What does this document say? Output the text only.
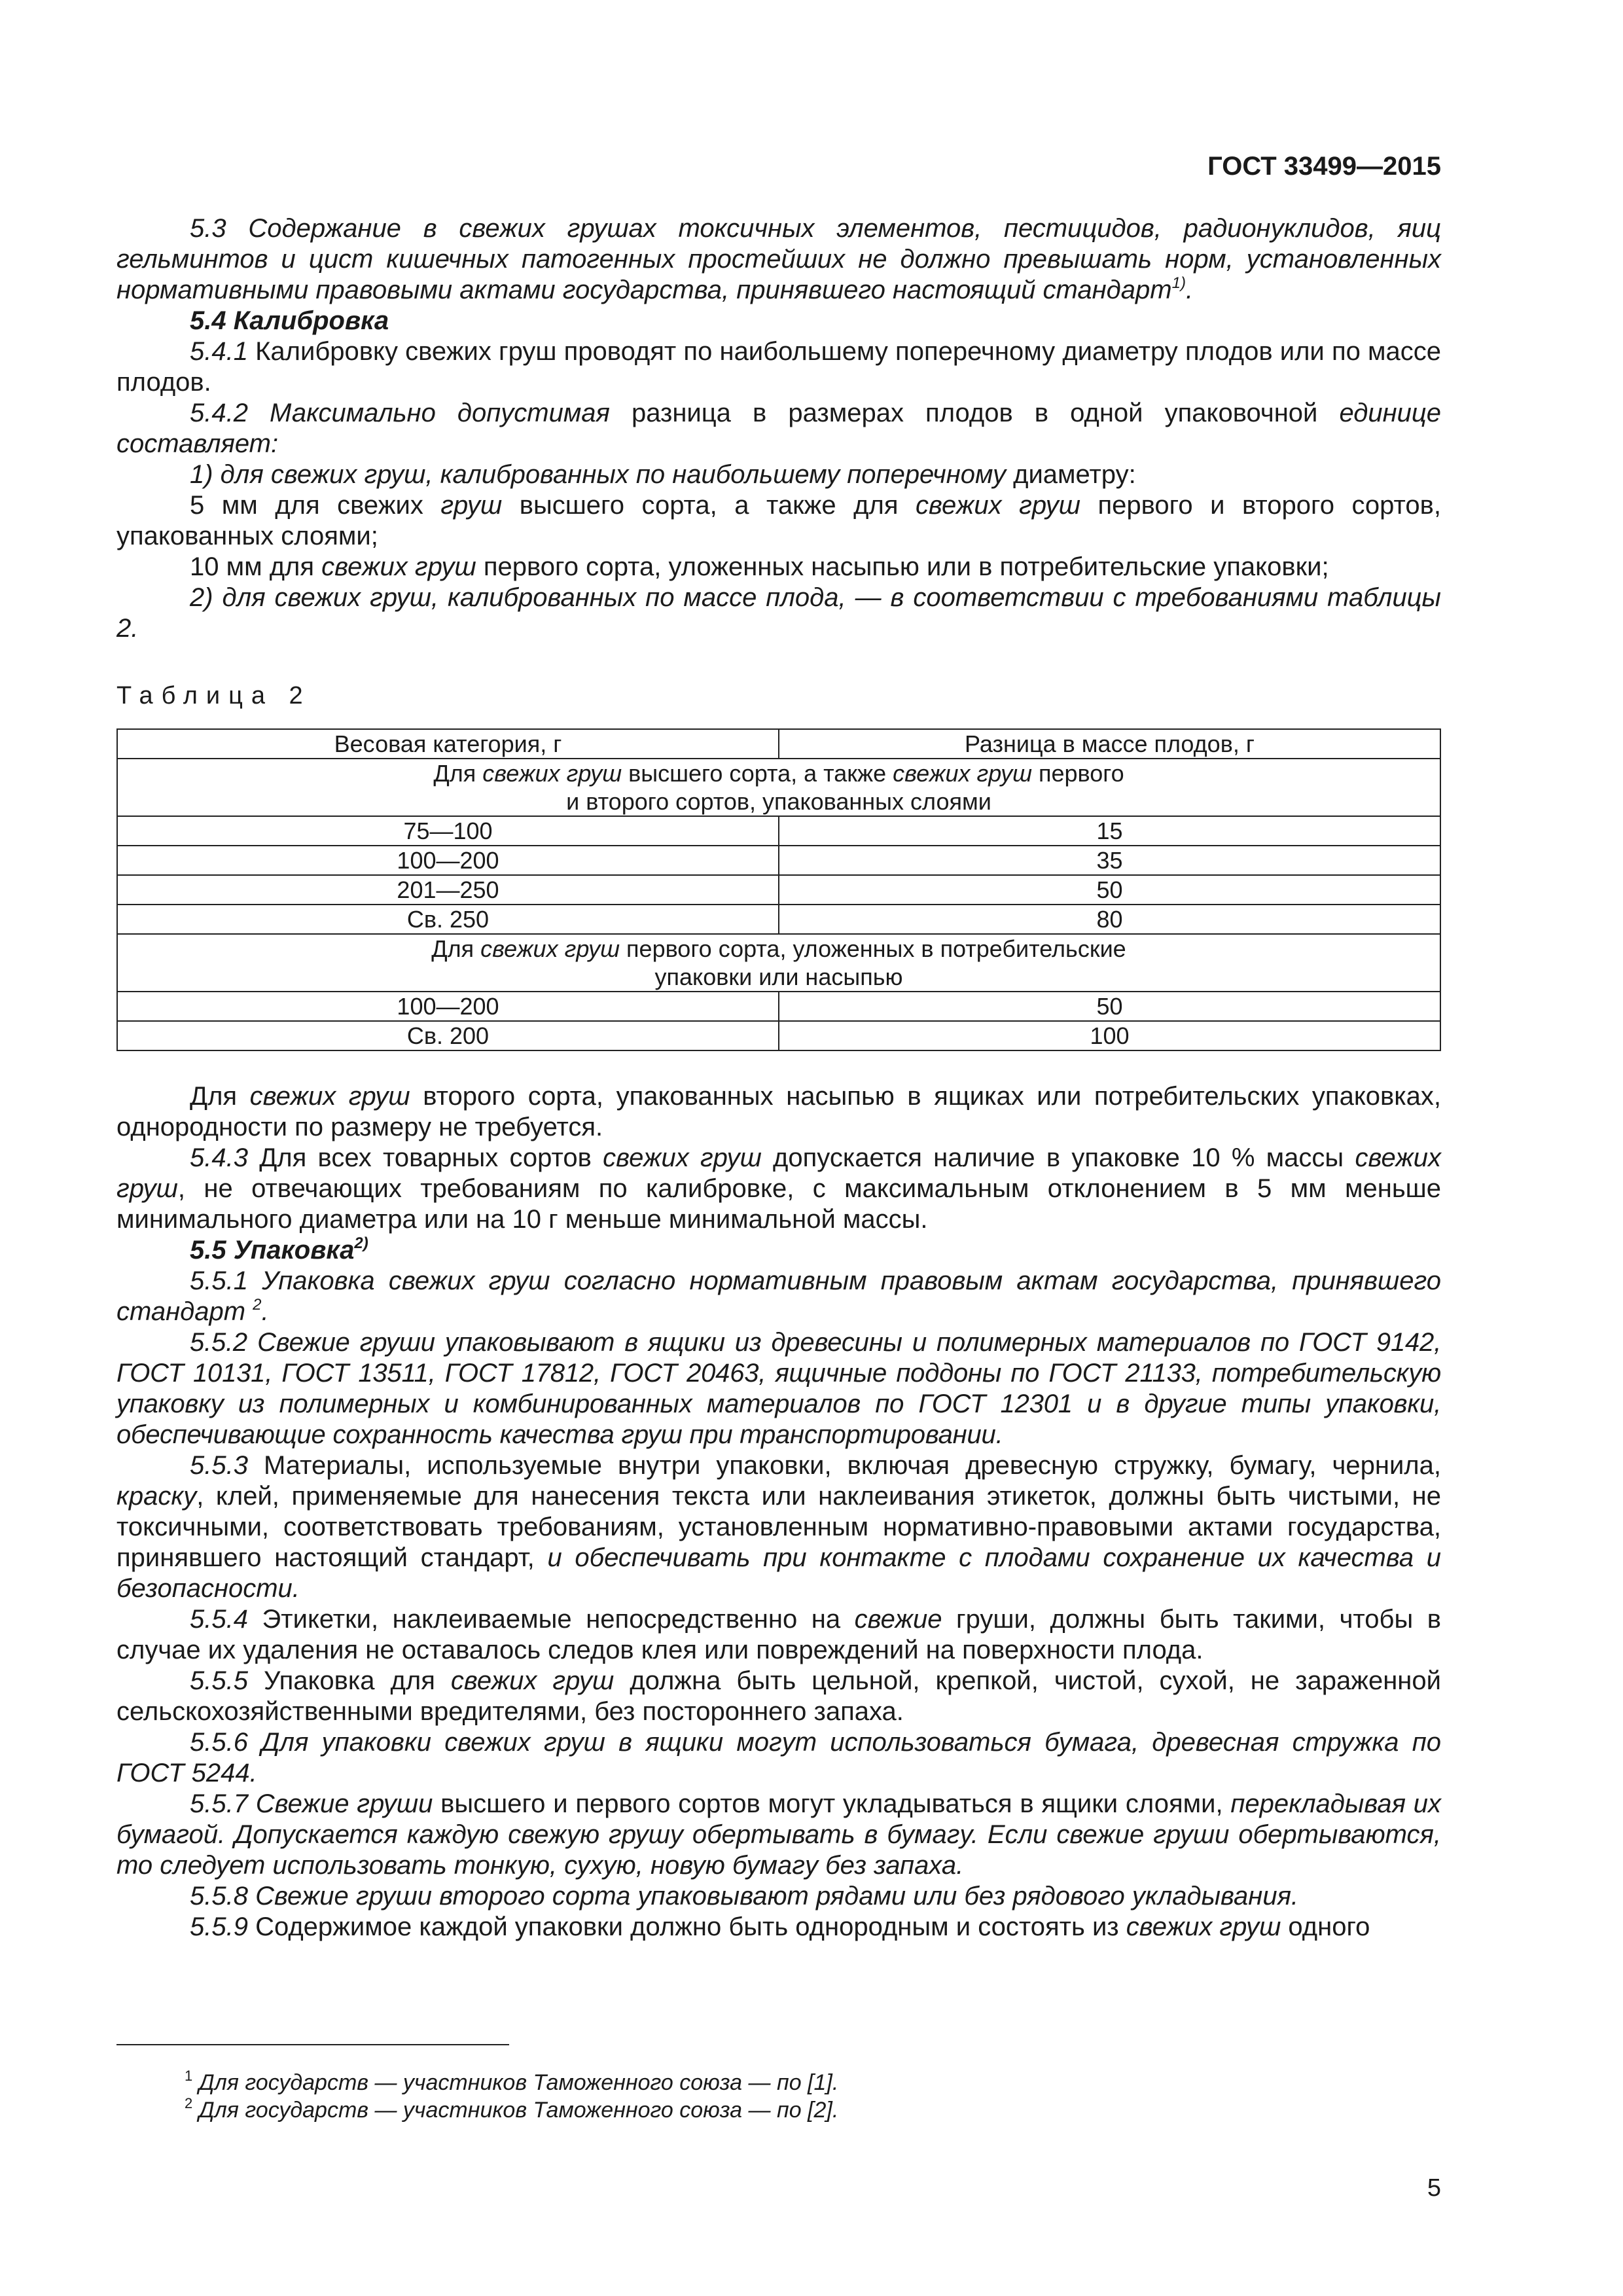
ГОСТ 33499—2015

5.3 Содержание в свежих грушах токсичных элементов, пестицидов, радионуклидов, яиц гельминтов и цист кишечных патогенных простейших не должно превышать норм, установленных нормативными правовыми актами государства, принявшего настоящий стандарт$^{1)}$.

5.4 Калибровка

5.4.1 Калибровку свежих груш проводят по наибольшему поперечному диаметру плодов или по массе плодов.

5.4.2 Максимально допустимая разница в размерах плодов в одной упаковочной единице составляет:

1) для свежих груш, калиброванных по наибольшему поперечному диаметру:

5 мм для свежих груш высшего сорта, а также для свежих груш первого и второго сортов, упакованных слоями;

10 мм для свежих груш первого сорта, уложенных насыпью или в потребительские упаковки;

2) для свежих груш, калиброванных по массе плода, — в соответствии с требованиями таблицы 2.

Таблица 2
Весовая категория, г	Разница в массе плодов, г
Для свежих груш высшего сорта, а также свежих груш первого
и второго сортов, упакованных слоями	
75—100	15
100—200	35
201—250	50
Св. 250	80
Для свежих груш первого сорта, уложенных в потребительские
упаковки или насыпью	
100—200	50
Св. 200	100

Для свежих груш второго сорта, упакованных насыпью в ящиках или потребительских упаковках, однородности по размеру не требуется.

5.4.3 Для всех товарных сортов свежих груш допускается наличие в упаковке 10 % массы свежих груш, не отвечающих требованиям по калибровке, с максимальным отклонением в 5 мм меньше минимального диаметра или на 10 г меньше минимальной массы.

5.5 Упаковка$^{2)}$

5.5.1 Упаковка свежих груш согласно нормативным правовым актам государства, принявшего стандарт $^2$.

5.5.2 Свежие груши упаковывают в ящики из древесины и полимерных материалов по ГОСТ 9142, ГОСТ 10131, ГОСТ 13511, ГОСТ 17812, ГОСТ 20463, ящичные поддоны по ГОСТ 21133, потребительскую упаковку из полимерных и комбинированных материалов по ГОСТ 12301 и в другие типы упаковки, обеспечивающие сохранность качества груш при транспортировании.

5.5.3 Материалы, используемые внутри упаковки, включая древесную стружку, бумагу, чернила, краску, клей, применяемые для нанесения текста или наклеивания этикеток, должны быть чистыми, не токсичными, соответствовать требованиям, установленным нормативно-правовыми актами государства, принявшего настоящий стандарт, и обеспечивать при контакте с плодами сохранение их качества и безопасности.

5.5.4 Этикетки, наклеиваемые непосредственно на свежие груши, должны быть такими, чтобы в случае их удаления не оставалось следов клея или повреждений на поверхности плода.

5.5.5 Упаковка для свежих груш должна быть цельной, крепкой, чистой, сухой, не зараженной сельскохозяйственными вредителями, без постороннего запаха.

5.5.6 Для упаковки свежих груш в ящики могут использоваться бумага, древесная стружка по ГОСТ 5244.

5.5.7 Свежие груши высшего и первого сортов могут укладываться в ящики слоями, перекладывая их бумагой. Допускается каждую свежую грушу обертывать в бумагу. Если свежие груши обертываются, то следует использовать тонкую, сухую, новую бумагу без запаха.

5.5.8 Свежие груши второго сорта упаковывают рядами или без рядового укладывания.

5.5.9 Содержимое каждой упаковки должно быть однородным и состоять из свежих груш одного

$^1$ Для государств — участников Таможенного союза — по [1].
$^2$ Для государств — участников Таможенного союза — по [2].
5
